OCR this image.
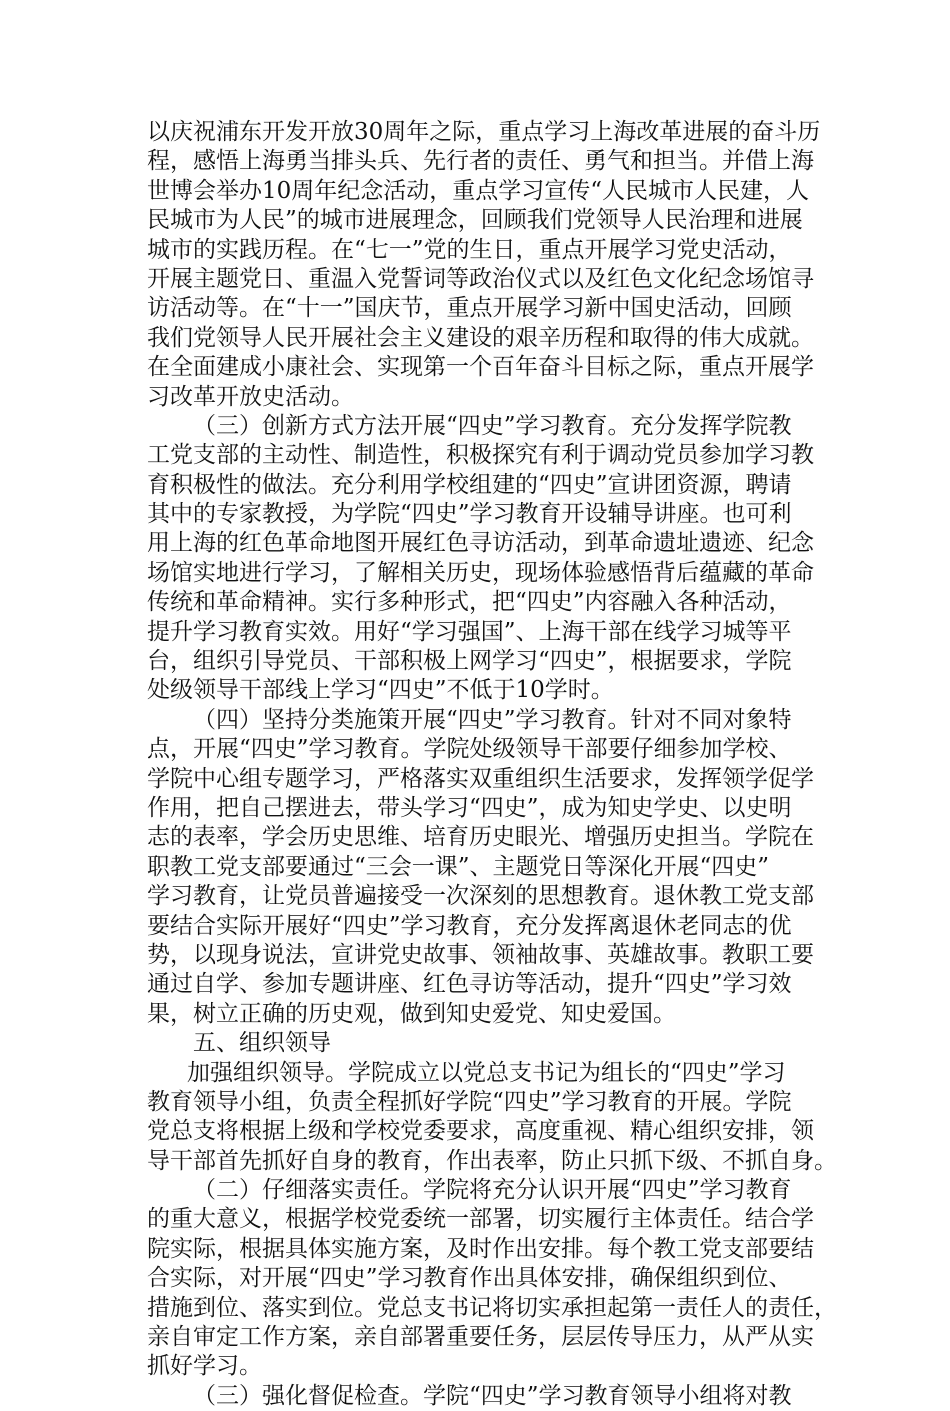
以庆祝浦东开发开放30周年之际，重点学习上海改革进展的奋斗历
程，感悟上海勇当排头兵、先行者的责任、勇气和担当。并借上海
世博会举办10周年纪念活动，重点学习宣传“人民城市人民建，人
民城市为人民”的城市进展理念，回顾我们党领导人民治理和进展
城市的实践历程。在“七一”党的生日，重点开展学习党史活动，
开展主题党日、重温入党誓词等政治仪式以及红色文化纪念场馆寻
访活动等。在“十一”国庆节，重点开展学习新中国史活动，回顾
我们党领导人民开展社会主义建设的艰辛历程和取得的伟大成就。
在全面建成小康社会、实现第一个百年奋斗目标之际，重点开展学
习改革开放史活动。
（三）创新方式方法开展“四史”学习教育。充分发挥学院教
工党支部的主动性、制造性，积极探究有利于调动党员参加学习教
育积极性的做法。充分利用学校组建的“四史”宣讲团资源，聘请
其中的专家教授，为学院“四史”学习教育开设辅导讲座。也可利
用上海的红色革命地图开展红色寻访活动，到革命遗址遗迹、纪念
场馆实地进行学习，了解相关历史，现场体验感悟背后蕴藏的革命
传统和革命精神。实行多种形式，把“四史”内容融入各种活动，
提升学习教育实效。用好“学习强国”、上海干部在线学习城等平
台，组织引导党员、干部积极上网学习“四史”，根据要求，学院
处级领导干部线上学习“四史”不低于10学时。
（四）坚持分类施策开展“四史”学习教育。针对不同对象特
点，开展“四史”学习教育。学院处级领导干部要仔细参加学校、
学院中心组专题学习，严格落实双重组织生活要求，发挥领学促学
作用，把自己摆进去，带头学习“四史”，成为知史学史、以史明
志的表率，学会历史思维、培育历史眼光、增强历史担当。学院在
职教工党支部要通过“三会一课”、主题党日等深化开展“四史”
学习教育，让党员普遍接受一次深刻的思想教育。退休教工党支部
要结合实际开展好“四史”学习教育，充分发挥离退休老同志的优
势，以现身说法，宣讲党史故事、领袖故事、英雄故事。教职工要
通过自学、参加专题讲座、红色寻访等活动，提升“四史”学习效
果，树立正确的历史观，做到知史爱党、知史爱国。
五、组织领导
加强组织领导。学院成立以党总支书记为组长的“四史”学习
教育领导小组，负责全程抓好学院“四史”学习教育的开展。学院
党总支将根据上级和学校党委要求，高度重视、精心组织安排，领
导干部首先抓好自身的教育，作出表率，防止只抓下级、不抓自身。
（二）仔细落实责任。学院将充分认识开展“四史”学习教育
的重大意义，根据学校党委统一部署，切实履行主体责任。结合学
院实际，根据具体实施方案，及时作出安排。每个教工党支部要结
合实际，对开展“四史”学习教育作出具体安排，确保组织到位、
措施到位、落实到位。党总支书记将切实承担起第一责任人的责任，
亲自审定工作方案，亲自部署重要任务，层层传导压力，从严从实
抓好学习。
（三）强化督促检查。学院“四史”学习教育领导小组将对教
